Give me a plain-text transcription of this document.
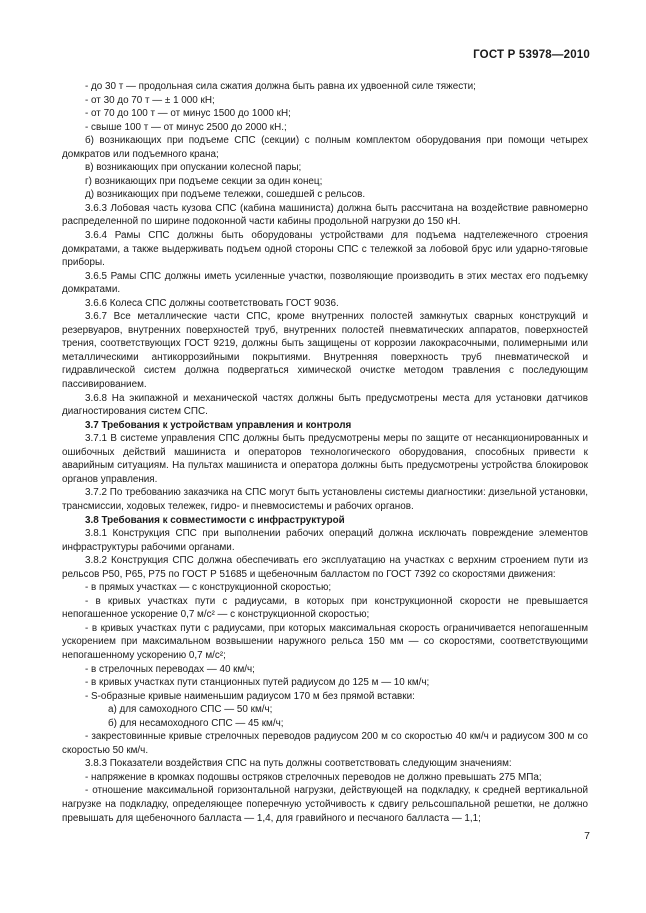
ГОСТ Р 53978—2010

- до 30 т — продольная сила сжатия должна быть равна их удвоенной силе тяжести;

- от 30 до 70 т — ± 1 000 кН;

- от 70 до 100 т — от минус 1500 до 1000 кН;

- свыше 100 т — от минус 2500 до 2000 кН.;

б) возникающих при подъеме СПС (секции) с полным комплектом оборудования при помощи четырех домкратов или подъемного крана;

в) возникающих при опускании колесной пары;

г) возникающих при подъеме секции за один конец;

д) возникающих при подъеме тележки, сошедшей с рельсов.

3.6.3 Лобовая часть кузова СПС (кабина машиниста) должна быть рассчитана на воздействие равномерно распределенной по ширине подоконной части кабины продольной нагрузки до 150 кН.

3.6.4 Рамы СПС должны быть оборудованы устройствами для подъема надтележечного строения домкратами, а также выдерживать подъем одной стороны СПС с тележкой за лобовой брус или ударно-тяговые приборы.

3.6.5 Рамы СПС должны иметь усиленные участки, позволяющие производить в этих местах его подъемку домкратами.

3.6.6 Колеса СПС должны соответствовать ГОСТ 9036.

3.6.7 Все металлические части СПС, кроме внутренних полостей замкнутых сварных конструкций и резервуаров, внутренних поверхностей труб, внутренних полостей пневматических аппаратов, поверхностей трения, соответствующих ГОСТ 9219, должны быть защищены от коррозии лакокрасочными, полимерными или металлическими антикоррозийными покрытиями. Внутренняя поверхность труб пневматической и гидравлической систем должна подвергаться химической очистке методом травления с последующим пассивированием.

3.6.8 На экипажной и механической частях должны быть предусмотрены места для установки датчиков диагностирования систем СПС.

3.7 Требования к устройствам управления и контроля

3.7.1 В системе управления СПС должны быть предусмотрены меры по защите от несанкционированных и ошибочных действий машиниста и операторов технологического оборудования, способных привести к аварийным ситуациям. На пультах машиниста и оператора должны быть предусмотрены устройства блокировок органов управления.

3.7.2 По требованию заказчика на СПС могут быть установлены системы диагностики: дизельной установки, трансмиссии, ходовых тележек, гидро- и пневмосистемы и рабочих органов.

3.8 Требования к совместимости с инфраструктурой

3.8.1 Конструкция СПС при выполнении рабочих операций должна исключать повреждение элементов инфраструктуры рабочими органами.

3.8.2 Конструкция СПС должна обеспечивать его эксплуатацию на участках с верхним строением пути из рельсов Р50, Р65, Р75 по ГОСТ Р 51685 и щебеночным балластом по ГОСТ 7392 со скоростями движения:

- в прямых участках — с конструкционной скоростью;

- в кривых участках пути с радиусами, в которых при конструкционной скорости не превышается непогашенное ускорение 0,7 м/с² — с конструкционной скоростью;

- в кривых участках пути с радиусами, при которых максимальная скорость ограничивается непогашенным ускорением при максимальном возвышении наружного рельса 150 мм — со скоростями, соответствующими непогашенному ускорению 0,7 м/с²;

- в стрелочных переводах — 40 км/ч;

- в кривых участках пути станционных путей радиусом до 125 м — 10 км/ч;

- S-образные кривые наименьшим радиусом 170 м без прямой вставки:

а) для самоходного СПС — 50 км/ч;

б) для несамоходного СПС — 45 км/ч;

- закрестовинные кривые стрелочных переводов радиусом 200 м со скоростью 40 км/ч и радиусом 300 м со скоростью 50 км/ч.

3.8.3 Показатели воздействия СПС на путь должны соответствовать следующим значениям:

- напряжение в кромках подошвы остряков стрелочных переводов не должно превышать 275 МПа;

- отношение максимальной горизонтальной нагрузки, действующей на подкладку, к средней вертикальной нагрузке на подкладку, определяющее поперечную устойчивость к сдвигу рельсошпальной решетки, не должно превышать для щебеночного балласта — 1,4, для гравийного и песчаного балласта — 1,1;

7
